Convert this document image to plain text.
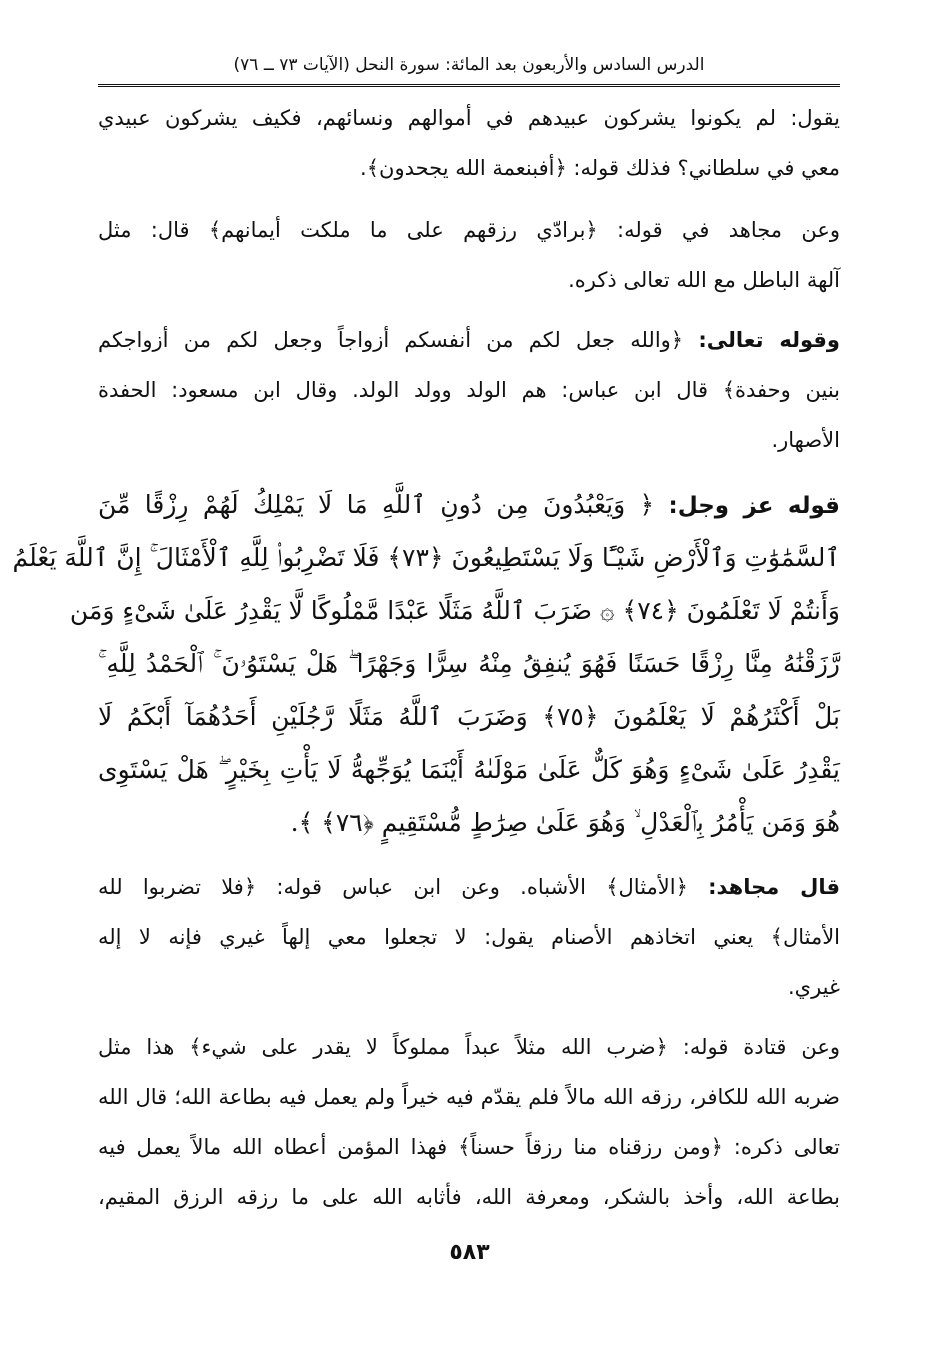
الدرس السادس والأربعون بعد المائة: سورة النحل (الآيات ٧٣ ــ ٧٦)
يقول: لم يكونوا يشركون عبيدهم في أموالهم ونسائهم، فكيف يشركون عبيدي
معي في سلطاني؟ فذلك قوله: ﴿أفبنعمة الله يجحدون﴾.
وعن مجاهد في قوله: ﴿برادّي رزقهم على ما ملكت أيمانهم﴾ قال: مثل
آلهة الباطل مع الله تعالى ذكره.
وقوله تعالى: ﴿والله جعل لكم من أنفسكم أزواجاً وجعل لكم من أزواجكم
بنين وحفدة﴾ قال ابن عباس: هم الولد وولد الولد. وقال ابن مسعود: الحفدة
الأصهار.
قوله عز وجل: ﴿ وَيَعْبُدُونَ مِن دُونِ ٱللَّهِ مَا لَا يَمْلِكُ لَهُمْ رِزْقًا مِّنَ
ٱلسَّمَٰوَٰتِ وَٱلْأَرْضِ شَيْـًٔا وَلَا يَسْتَطِيعُونَ ﴿٧٣﴾ فَلَا تَضْرِبُوا۟ لِلَّهِ ٱلْأَمْثَالَ ۚ إِنَّ ٱللَّهَ يَعْلَمُ
وَأَنتُمْ لَا تَعْلَمُونَ ﴿٧٤﴾ ۞ ضَرَبَ ٱللَّهُ مَثَلًا عَبْدًا مَّمْلُوكًا لَّا يَقْدِرُ عَلَىٰ شَىْءٍ وَمَن
رَّزَقْنَٰهُ مِنَّا رِزْقًا حَسَنًا فَهُوَ يُنفِقُ مِنْهُ سِرًّا وَجَهْرًا ۖ هَلْ يَسْتَوُۥنَ ۚ ٱلْحَمْدُ لِلَّهِ ۚ
بَلْ أَكْثَرُهُمْ لَا يَعْلَمُونَ ﴿٧٥﴾ وَضَرَبَ ٱللَّهُ مَثَلًا رَّجُلَيْنِ أَحَدُهُمَآ أَبْكَمُ لَا
يَقْدِرُ عَلَىٰ شَىْءٍ وَهُوَ كَلٌّ عَلَىٰ مَوْلَىٰهُ أَيْنَمَا يُوَجِّههُّ لَا يَأْتِ بِخَيْرٍ ۖ هَلْ يَسْتَوِى
هُوَ وَمَن يَأْمُرُ بِٱلْعَدْلِ ۙ وَهُوَ عَلَىٰ صِرَٰطٍ مُّسْتَقِيمٍ ﴿٧٦﴾ ﴾.
قال مجاهد: ﴿الأمثال﴾ الأشباه. وعن ابن عباس قوله: ﴿فلا تضربوا لله
الأمثال﴾ يعني اتخاذهم الأصنام يقول: لا تجعلوا معي إلهاً غيري فإنه لا إله
غيري.
وعن قتادة قوله: ﴿ضرب الله مثلاً عبداً مملوكاً لا يقدر على شيء﴾ هذا مثل
ضربه الله للكافر، رزقه الله مالاً فلم يقدّم فيه خيراً ولم يعمل فيه بطاعة الله؛ قال الله
تعالى ذكره: ﴿ومن رزقناه منا رزقاً حسناً﴾ فهذا المؤمن أعطاه الله مالاً يعمل فيه
بطاعة الله، وأخذ بالشكر، ومعرفة الله، فأثابه الله على ما رزقه الرزق المقيم،
٥٨٣
